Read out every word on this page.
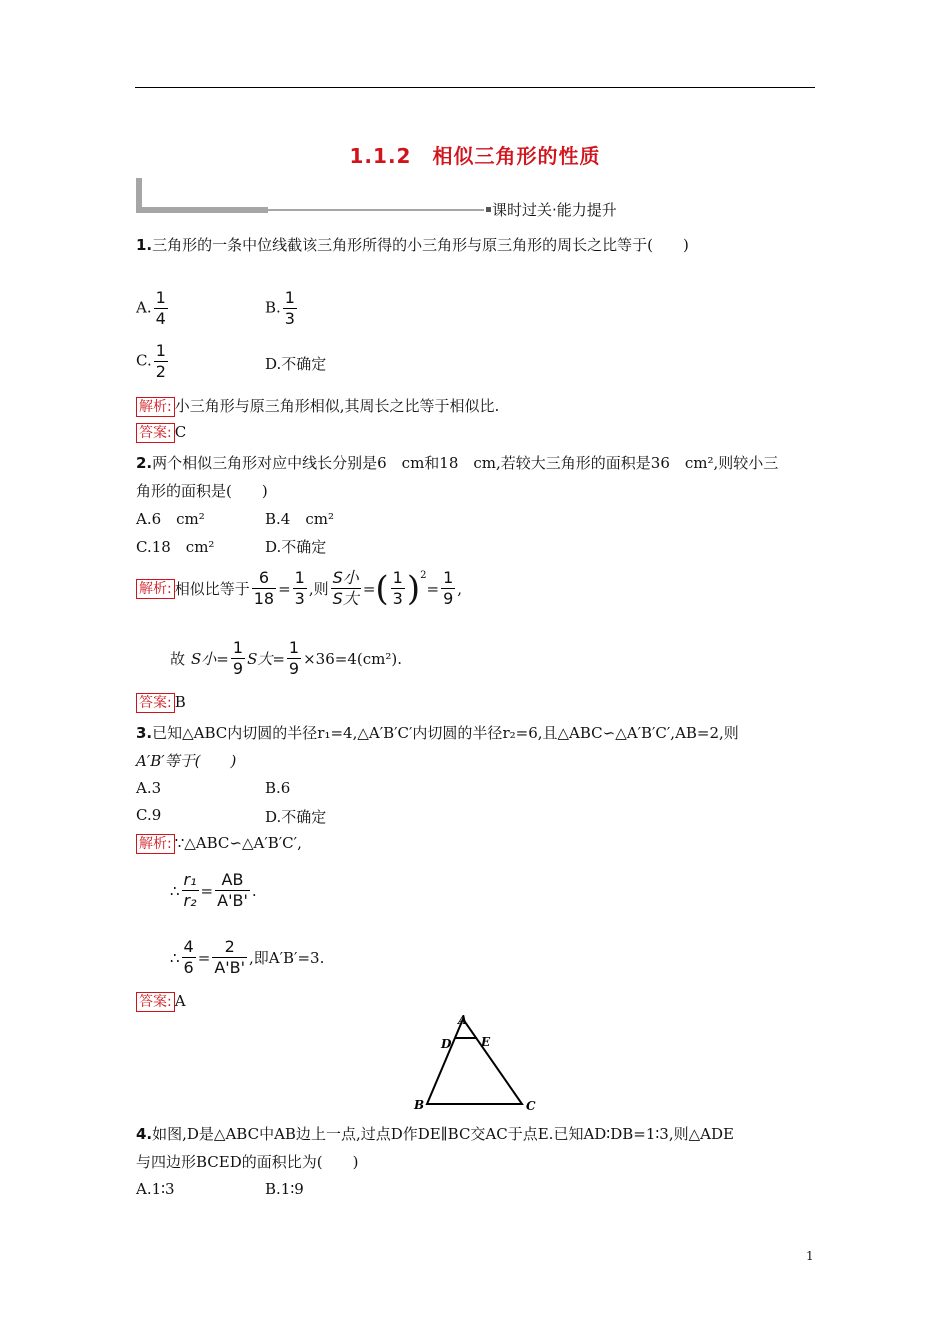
1.1.2　相似三角形的性质
课时过关·能力提升
1.三角形的一条中位线截该三角形所得的小三角形与原三角形的周长之比等于(　　)
A. $\frac{1}{4}$	B. $\frac{1}{3}$
C. $\frac{1}{2}$	D.不确定
解析: 小三角形与原三角形相似,其周长之比等于相似比.
答案: C
2.两个相似三角形对应中线长分别是6　cm和18　cm,若较大三角形的面积是36　cm²,则较小三
角形的面积是(　　)
A.6　cm²	B.4　cm²
C.18　cm²	D.不确定
解析: 相似比等于 $\frac{6}{18} = \frac{1}{3}$ ,则 $\frac{\text{S小}}{\text{S大}}$ = ( $\frac{1}{3}$ ) 2
= $\frac{1}{9}$ ,
故 S小 = $\frac{1}{9}$ S大 = $\frac{1}{9} \times 36=4(cm^2)$.
答案: B
3.已知△ABC内切圆的半径r₁=4,△A′B′C′内切圆的半径r₂=6,且△ABC∽△A′B′C′,AB=2,则
A′B′等于(　　)
A.3	B.6
C.9	D.不确定
解析: ∵△ABC∽△A′B′C′,
∴ $\frac{\text{r₁}}{\text{r₂}} = \frac{AB}{A'B'}$ .
∴ $\frac{4}{6} = \frac{2}{A'B'}$ ,即A′B′=3.
答案: A
A
D E
B	C
4.如图,D是△ABC中AB边上一点,过点D作DE∥BC交AC于点E.已知AD∶DB=1∶3,则△ADE
与四边形BCED的面积比为(　　)
A.1∶3	B.1∶9
1
